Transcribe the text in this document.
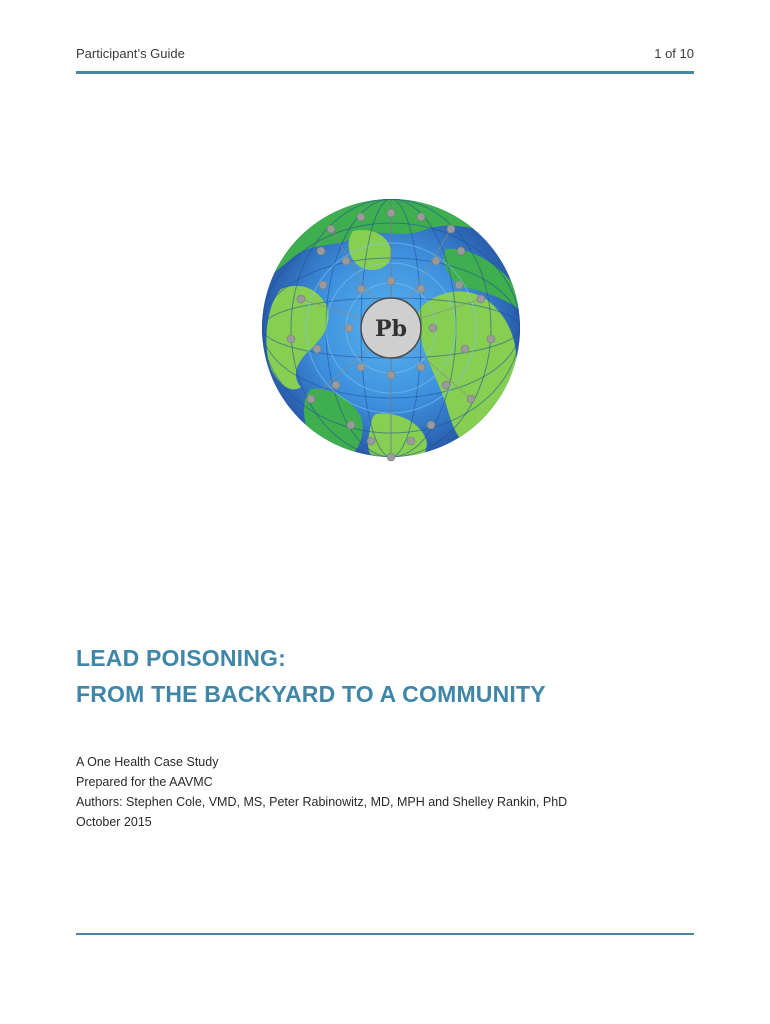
Participant’s Guide	1 of 10
Pb
LEAD POISONING:
FROM THE BACKYARD TO A COMMUNITY
A One Health Case Study
Prepared for the AAVMC
Authors: Stephen Cole, VMD, MS, Peter Rabinowitz, MD, MPH and Shelley Rankin, PhD
October 2015
